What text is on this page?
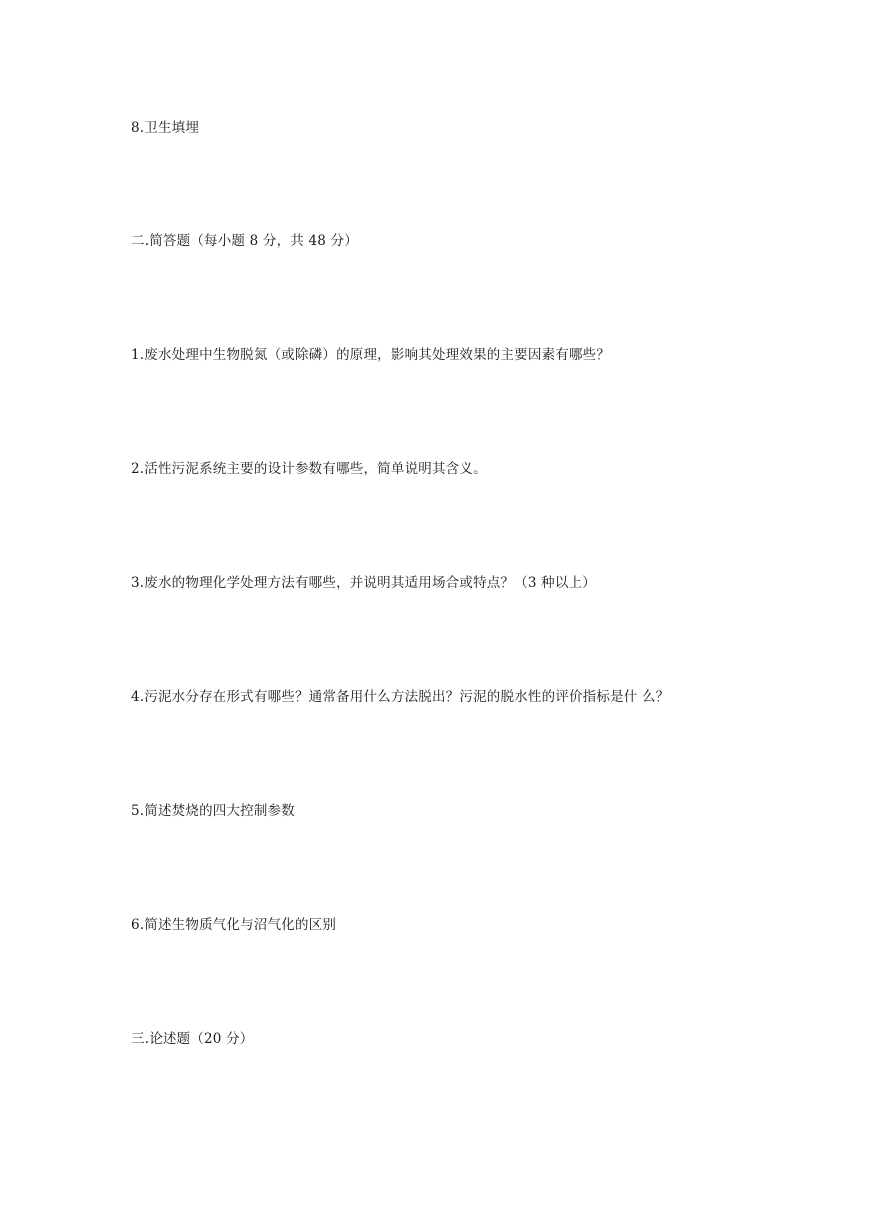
8.卫生填埋
二.简答题（每小题 8 分，共 48 分）
1.废水处理中生物脱氮（或除磷）的原理，影响其处理效果的主要因素有哪些？
2.活性污泥系统主要的设计参数有哪些，简单说明其含义。
3.废水的物理化学处理方法有哪些，并说明其适用场合或特点？（3 种以上）
4.污泥水分存在形式有哪些？通常备用什么方法脱出？污泥的脱水性的评价指标是什 么？
5.简述焚烧的四大控制参数
6.简述生物质气化与沼气化的区别
三.论述题（20 分）
